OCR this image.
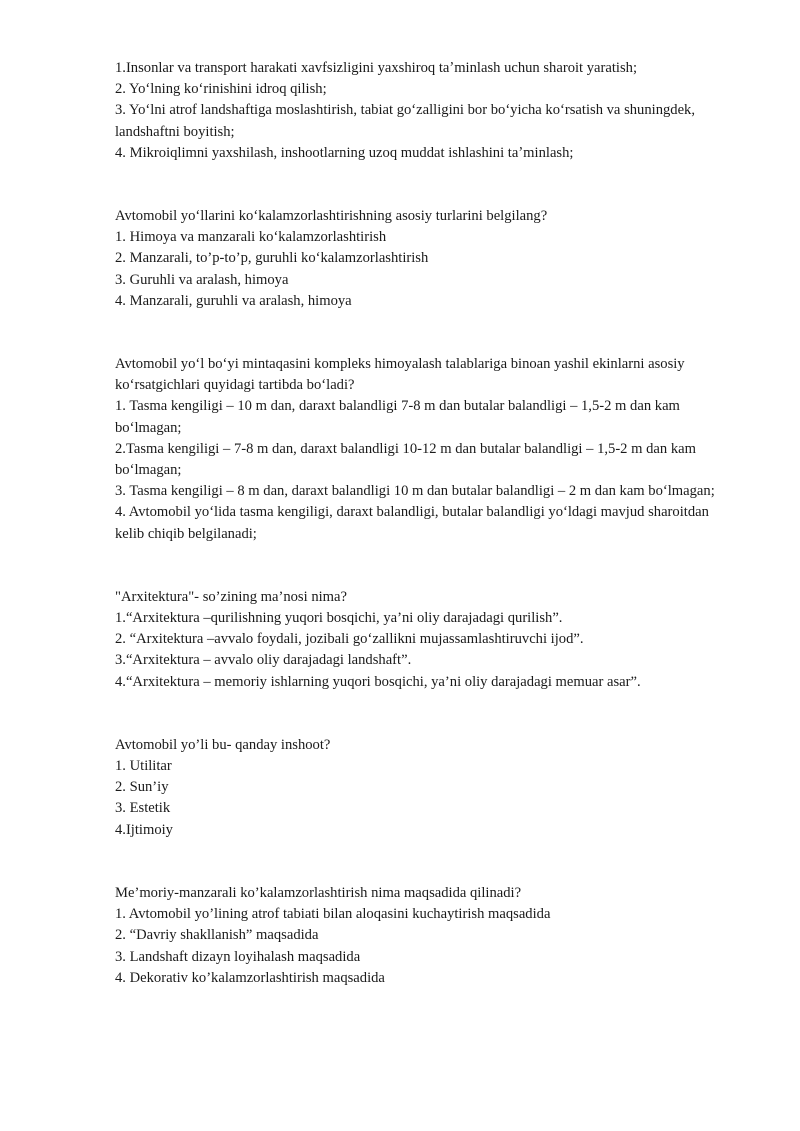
1.Insonlar va transport harakati xavfsizligini yaxshiroq taʼminlash uchun sharoit yaratish;

2. Yoʻlning koʻrinishini idroq qilish;

3. Yoʻlni atrof landshaftiga moslashtirish, tabiat goʻzalligini bor boʻyicha koʻrsatish va shuningdek, landshaftni boyitish;

4. Mikroiqlimni yaxshilash, inshootlarning uzoq muddat ishlashini taʼminlash;

Avtomobil yoʻllarini koʻkalamzorlashtirishning asosiy turlarini belgilang?

1. Himoya va manzarali koʻkalamzorlashtirish

2. Manzarali, to’p-to’p, guruhli koʻkalamzorlashtirish

3. Guruhli va aralash, himoya

4. Manzarali, guruhli va aralash, himoya

Avtomobil yoʻl boʻyi mintaqasini kompleks himoyalash talablariga binoan yashil ekinlarni asosiy koʻrsatgichlari quyidagi tartibda boʻladi?

1. Tasma kengiligi – 10 m dan, daraxt balandligi 7-8 m dan butalar balandligi – 1,5-2 m dan kam boʻlmagan;

2.Tasma kengiligi – 7-8 m dan, daraxt balandligi 10-12 m dan butalar balandligi – 1,5-2 m dan kam boʻlmagan;

3. Tasma kengiligi – 8 m dan, daraxt balandligi 10 m dan butalar balandligi – 2 m dan kam boʻlmagan;

4. Avtomobil yoʻlida tasma kengiligi, daraxt balandligi, butalar balandligi yoʻldagi mavjud sharoitdan kelib chiqib belgilanadi;

"Arxitektura"- so’zining ma’nosi nima?

1.“Arxitektura –qurilishning yuqori bosqichi, ya’ni oliy darajadagi qurilish”.

2. “Arxitektura –avvalo foydali, jozibali go‘zallikni mujassamlashtiruvchi ijod”.

3.“Arxitektura – avvalo oliy darajadagi landshaft”.

4.“Arxitektura – memoriy ishlarning yuqori bosqichi, ya’ni oliy darajadagi memuar asar”.

Avtomobil yo’li bu- qanday inshoot?

1. Utilitar

2. Sun’iy

3. Estetik

4.Ijtimoiy

Me’moriy-manzarali ko’kalamzorlashtirish nima maqsadida qilinadi?

1. Avtomobil yo’lining atrof tabiati bilan aloqasini kuchaytirish maqsadida

2. “Davriy shakllanish” maqsadida

3. Landshaft dizayn loyihalash maqsadida

4. Dekorativ ko’kalamzorlashtirish maqsadida
